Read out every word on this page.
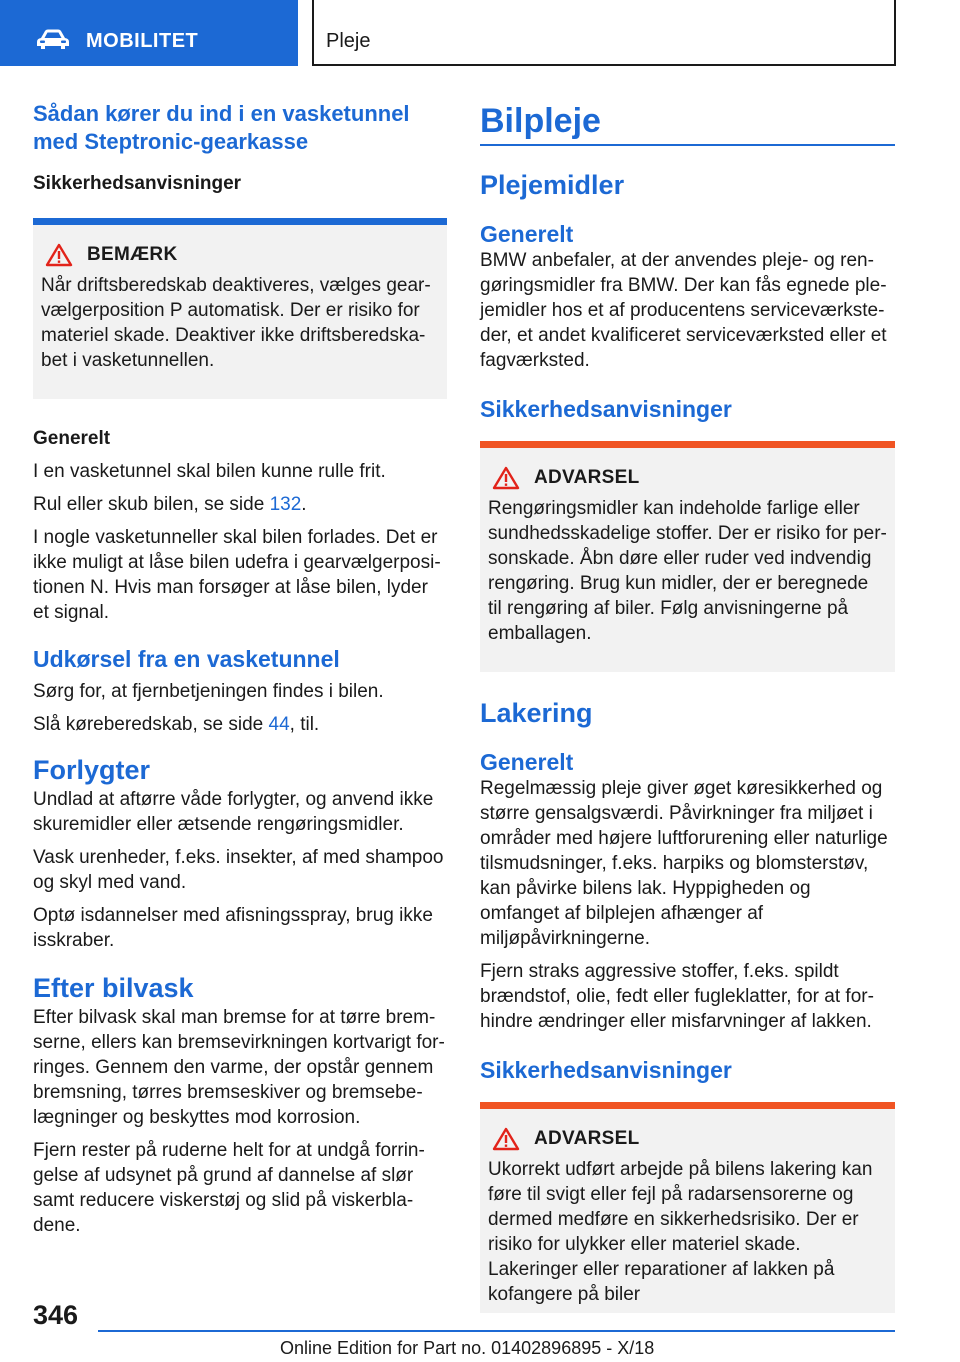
MOBILITET	Pleje
Sådan kører du ind i en vasketunnel med Steptronic-gearkasse
Sikkerhedsanvisninger
BEMÆRK

Når driftsberedskab deaktiveres, vælges gearvælgerposition P automatisk. Der er risiko for materiel skade. Deaktiver ikke driftsberedskabet i vasketunnellen.

Generelt

I en vasketunnel skal bilen kunne rulle frit.

Rul eller skub bilen, se side 132.

I nogle vasketunneller skal bilen forlades. Det er ikke muligt at låse bilen udefra i gearvælgerpositionen N. Hvis man forsøger at låse bilen, lyder et signal.

Udkørsel fra en vasketunnel

Sørg for, at fjernbetjeningen findes i bilen.

Slå køreberedskab, se side 44, til.

Forlygter

Undlad at aftørre våde forlygter, og anvend ikke skuremidler eller ætsende rengøringsmidler.

Vask urenheder, f.eks. insekter, af med shampoo og skyl med vand.

Optø isdannelser med afisningsspray, brug ikke isskraber.

Efter bilvask

Efter bilvask skal man bremse for at tørre bremserne, ellers kan bremsevirkningen kortvarigt forringes. Gennem den varme, der opstår gennem bremsning, tørres bremseskiver og bremsebelægninger og beskyttes mod korrosion.

Fjern rester på ruderne helt for at undgå forringelse af udsynet på grund af dannelse af slør samt reducere viskerstøj og slid på viskerbladene.

Bilpleje
Plejemidler
Generelt

BMW anbefaler, at der anvendes pleje- og rengøringsmidler fra BMW. Der kan fås egnede plejemidler hos et af producentens serviceværksteder, et andet kvalificeret serviceværksted eller et fagværksted.

Sikkerhedsanvisninger
ADVARSEL

Rengøringsmidler kan indeholde farlige eller sundhedsskadelige stoffer. Der er risiko for personskade. Åbn døre eller ruder ved indvendig rengøring. Brug kun midler, der er beregnede til rengøring af biler. Følg anvisningerne på emballagen.

Lakering
Generelt

Regelmæssig pleje giver øget køresikkerhed og større gensalgsværdi. Påvirkninger fra miljøet i områder med højere luftforurening eller naturlige tilsmudsninger, f.eks. harpiks og blomsterstøv, kan påvirke bilens lak. Hyppigheden og omfanget af bilplejen afhænger af miljøpåvirkningerne.

Fjern straks aggressive stoffer, f.eks. spildt brændstof, olie, fedt eller fugleklatter, for at forhindre ændringer eller misfarvninger af lakken.

Sikkerhedsanvisninger
ADVARSEL

Ukorrekt udført arbejde på bilens lakering kan føre til svigt eller fejl på radarsensorerne og dermed medføre en sikkerhedsrisiko. Der er risiko for ulykker eller materiel skade. Lakeringer eller reparationer af lakken på kofangere på biler

346
Online Edition for Part no. 01402896895 - X/18
